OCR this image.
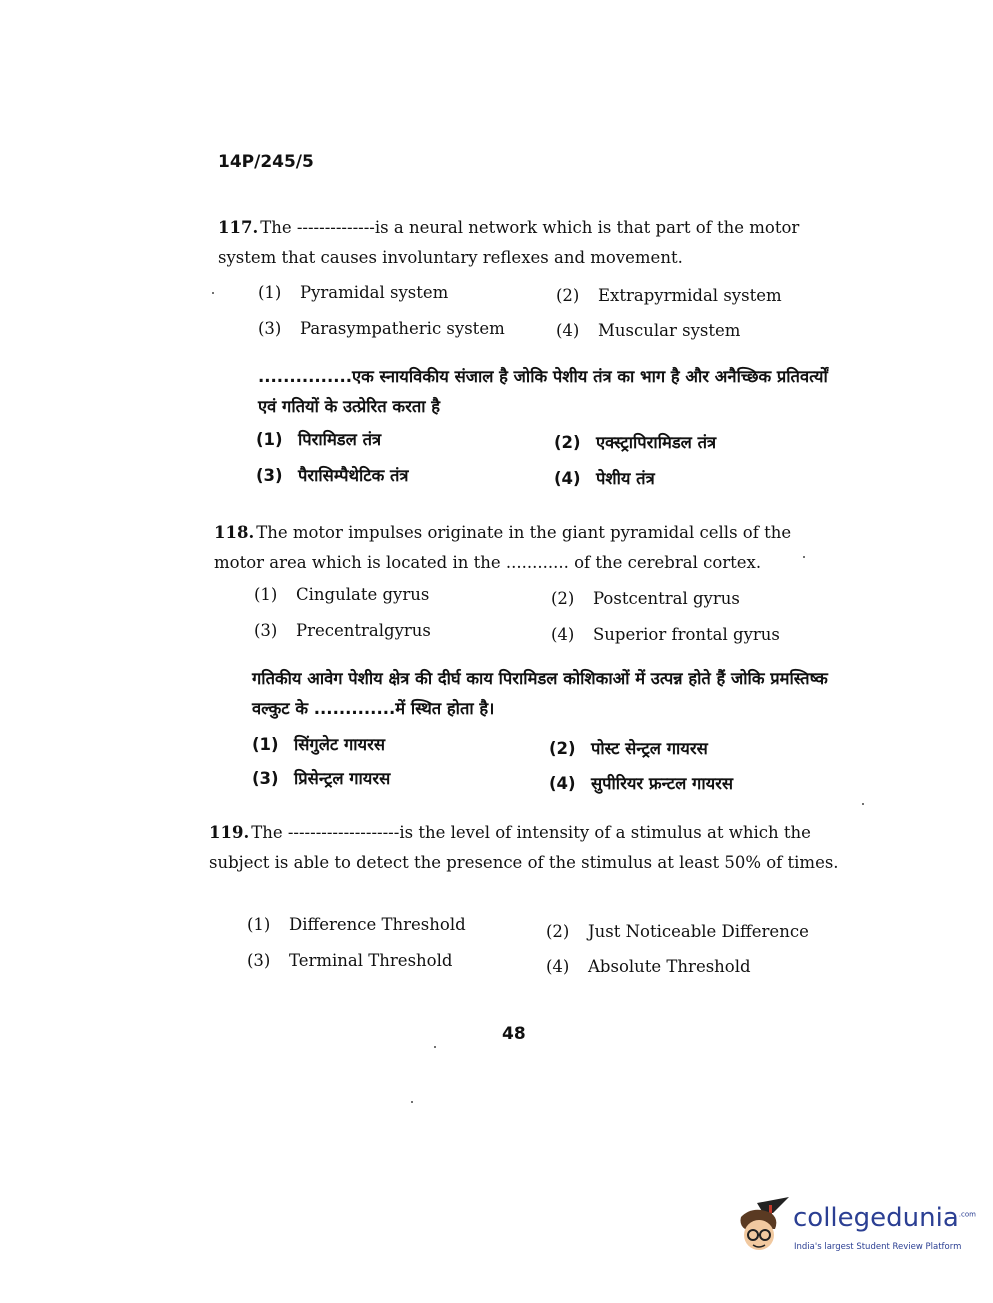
14P/245/5
117. The --------------is a neural network which is that part of the motor system that causes involuntary reflexes and movement.
(1) Pyramidal system	(2) Extrapyrmidal system
(3) Parasympatheric system	(4) Muscular system
...............एक स्नायविकीय संजाल है जोकि पेशीय तंत्र का भाग है और अनैच्छिक प्रतिवर्त्यों एवं गतियों के उत्प्रेरित करता है
(1) पिरामिडल तंत्र	(2) एक्स्ट्रापिरामिडल तंत्र
(3) पैरासिम्पैथेटिक तंत्र	(4) पेशीय तंत्र
118. The motor impulses originate in the giant pyramidal cells of the motor area which is located in the ............ of the cerebral cortex.
(1) Cingulate gyrus	(2) Postcentral gyrus
(3) Precentralgyrus	(4) Superior frontal gyrus
गतिकीय आवेग पेशीय क्षेत्र की दीर्घ काय पिरामिडल कोशिकाओं में उत्पन्न होते हैं जोकि प्रमस्तिष्क वल्कुट के .............में स्थित होता है।
(1) सिंगुलेट गायरस	(2) पोस्ट सेन्ट्रल गायरस
(3) प्रिसेन्ट्रल गायरस	(4) सुपीरियर फ्रन्टल गायरस
119. The --------------------is the level of intensity of a stimulus at which the subject is able to detect the presence of the stimulus at least 50% of times.
(1) Difference Threshold	(2) Just Noticeable Difference
(3) Terminal Threshold	(4) Absolute Threshold
48
collegedunia$^{.com}$
India's largest Student Review Platform
